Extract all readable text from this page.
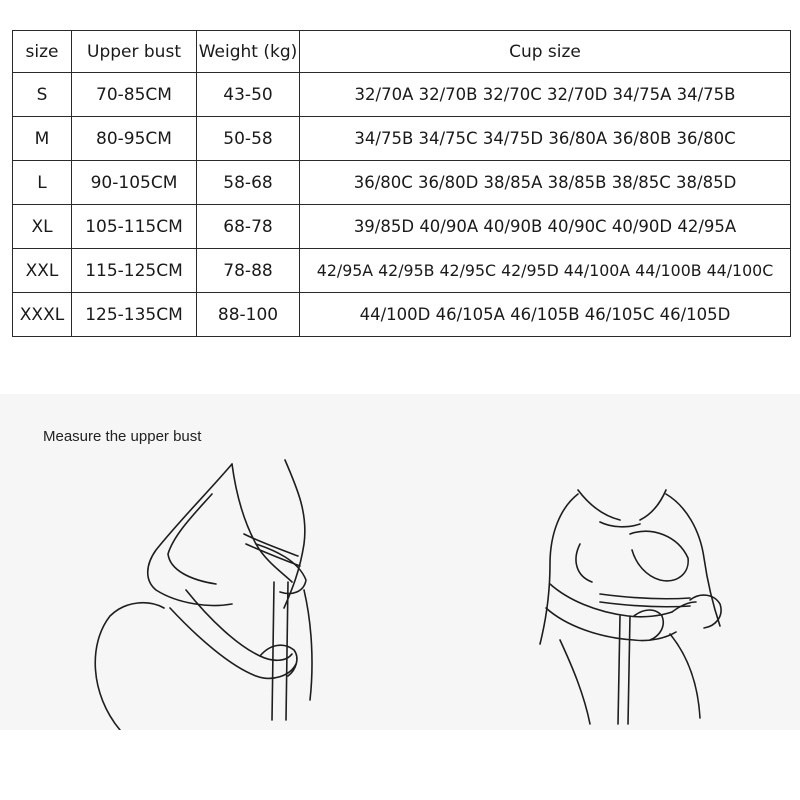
size	Upper bust	Weight (kg)	Cup size
S	70-85CM	43-50	32/70A 32/70B 32/70C 32/70D 34/75A 34/75B
M	80-95CM	50-58	34/75B 34/75C 34/75D 36/80A 36/80B 36/80C
L	90-105CM	58-68	36/80C 36/80D 38/85A 38/85B 38/85C 38/85D
XL	105-115CM	68-78	39/85D 40/90A 40/90B 40/90C 40/90D 42/95A
XXL	115-125CM	78-88	42/95A 42/95B 42/95C 42/95D 44/100A 44/100B 44/100C
XXXL	125-135CM	88-100	44/100D 46/105A 46/105B 46/105C 46/105D
Measure the upper bust
